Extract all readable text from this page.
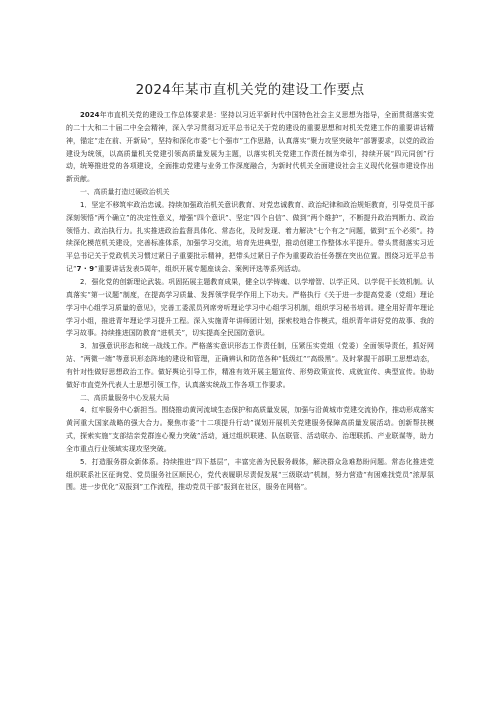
2024年某市直机关党的建设工作要点

2024年市直机关党的建设工作总体要求是：坚持以习近平新时代中国特色社会主义思想为指导，全面贯彻落实党的二十大和二十届二中全会精神，深入学习贯彻习近平总书记关于党的建设的重要思想和对机关党建工作的重要讲话精神，锚定“走在前、开新局”，坚持和深化市委“七个强市”工作思路，认真落实“聚力攻坚突破年”部署要求，以党的政治建设为统领，以高质量机关党建引领高质量发展为主题，以落实机关党建工作责任制为牵引，持续开展“四元同创”行动，统筹推进党的各项建设，全面推动党建与业务工作深度融合，为新时代机关全面建设社会主义现代化强市建设作出新贡献。

一、高质量打造过硬政治机关

1．坚定不移筑牢政治忠诚。持续加强政治机关意识教育、对党忠诚教育、政治纪律和政治规矩教育，引导党员干部深刻领悟“两个确立”的决定性意义，增强“四个意识”、坚定“四个自信”、做到“两个维护”，不断提升政治判断力、政治领悟力、政治执行力。扎实推进政治监督具体化、常态化，及时发现、着力解决“七个有之”问题，做到“五个必须”。持续深化模范机关建设，完善标准体系，加强学习交流，培育先进典型，推动创建工作整体水平提升。带头贯彻落实习近平总书记关于党政机关习惯过紧日子重要批示精神，把带头过紧日子作为重要政治任务摆在突出位置。围绕习近平总书记“7 · 9”重要讲话发表5周年，组织开展专题座谈会、案例评选等系列活动。

2．强化党的创新理论武装。巩固拓展主题教育成果，健全以学铸魂、以学增智、以学正风、以学促干长效机制。认真落实“第一议题”制度，在提高学习质量、发挥领学促学作用上下功夫。严格执行《关于进一步提高党委（党组）理论学习中心组学习质量的意见》，完善工委派员列席旁听理论学习中心组学习机制，组织学习秘书培训。建全用好青年理论学习小组，推进青年理论学习提升工程。深入实施青年讲师团计划，探索校地合作模式，组织青年讲好党的故事、我的学习故事。持续推进国防教育“进机关”，切实提高全民国防意识。

3．加强意识形态和统一战线工作。严格落实意识形态工作责任制，压紧压实党组（党委）全面领导责任，抓好网站、“两微一端”等意识形态阵地的建设和管理，正确辨认和防范各种“低级红”“高级黑”。及时掌握干部职工思想动态，有针对性做好思想政治工作。做好舆论引导工作，精准有效开展主题宣传、形势政策宣传、成就宣传、典型宣传。协助做好市直党外代表人士思想引领工作，认真落实统战工作各项工作要求。

二、高质量服务中心发展大局

4．红牢服务中心新担当。围绕推动黄河流域生态保护和高质量发展，加强与沿黄城市党建交流协作，推动形成落实黄河重大国家战略的强大合力。聚焦市委“十二项提升行动”谋划开展机关党建服务保障高质量发展活动。创新帮扶模式，探索实施“支部结亲党群连心聚力突破”活动，通过组织联建、队伍联管、活动联办、治理联抓、产业联谋等，助力全市重点行业领域实现攻坚突破。

5．打造服务群众新体系。持续推进“四下基层”，丰富完善为民服务载体，解决群众急难愁盼问题。常态化推进党组织联系社区征询党、党员服务社区顺民心，党代表履职尽责促发展“三级联动”机制，努力营造“有困难找党员”浓厚氛围。进一步优化“双报到”工作流程，推动党员干部“报到在社区，服务在网格”。
